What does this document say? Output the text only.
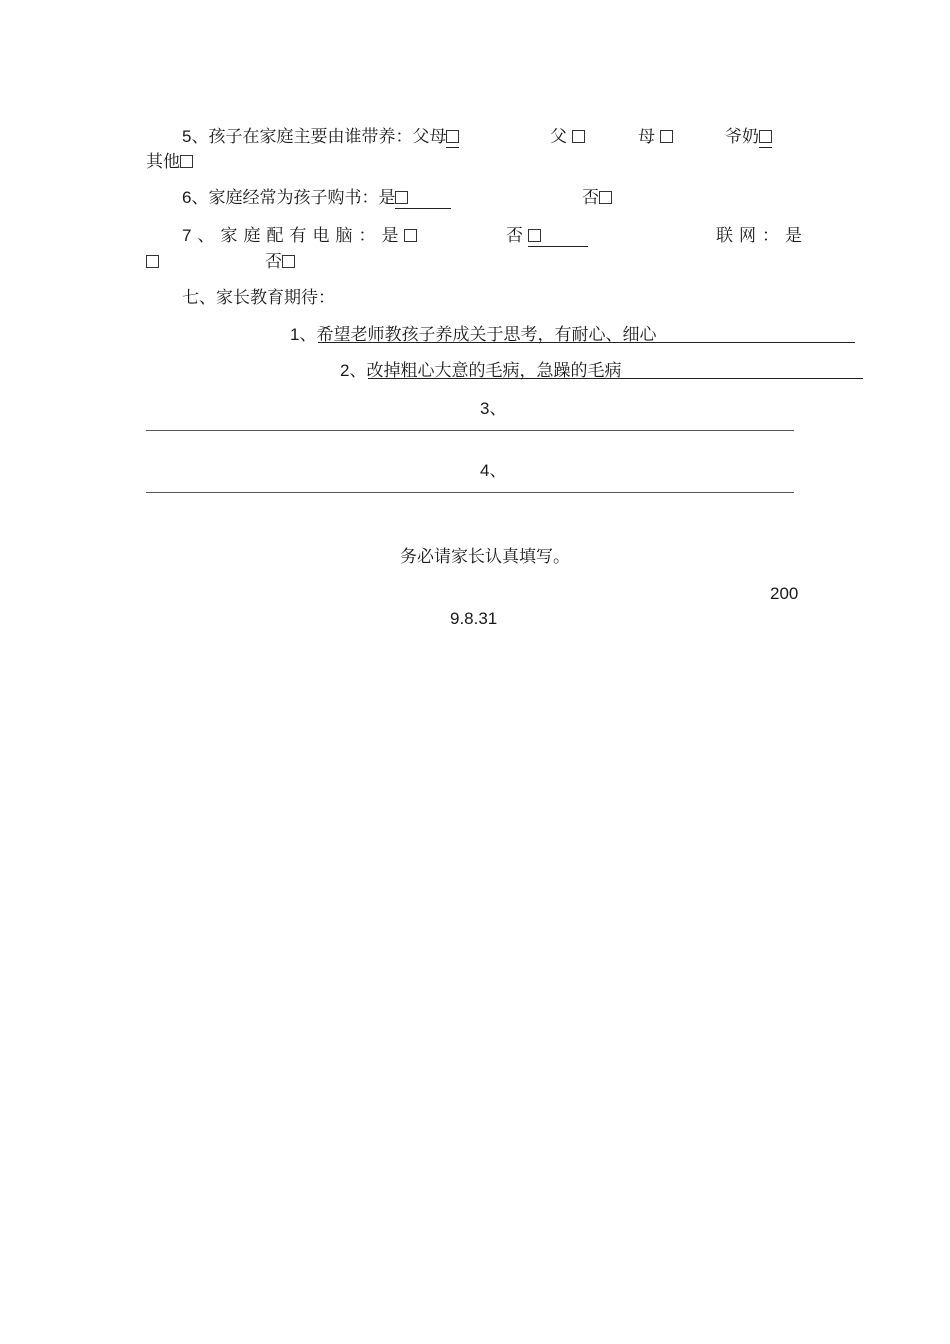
5、孩子在家庭主要由谁带养：父母	父	母	爷奶
其他
6、家庭经常为孩子购书：是	否
7、家庭配有电脑：是	否	联网：是
否
七、家长教育期待：
1、希望老师教孩子养成关于思考，有耐心、细心
2、改掉粗心大意的毛病，急躁的毛病
3、
4、
务必请家长认真填写。
200
9.8.31
